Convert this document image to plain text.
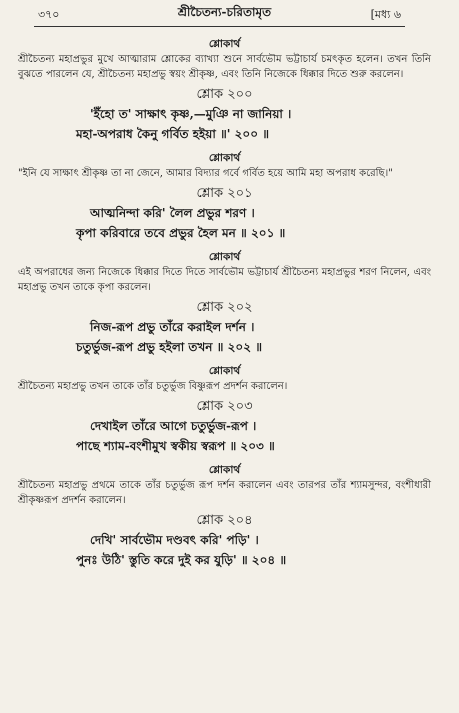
৩৭০	শ্রীচৈতন্য-চরিতামৃত	[মধ্য ৬
শ্লোকার্থ
শ্রীচৈতন্য মহাপ্রভুর মুখে আত্মারাম শ্লোকের ব্যাখ্যা শুনে সার্বভৌম ভট্টাচার্য চমৎকৃত হলেন। তখন তিনি বুঝতে পারলেন যে, শ্রীচৈতন্য মহাপ্রভু স্বয়ং শ্রীকৃষ্ণ, এবং তিনি নিজেকে ধিক্কার দিতে শুরু করলেন।
শ্লোক ২০০
'ইঁহো ত' সাক্ষাৎ কৃষ্ণ,—মুঞি না জানিয়া ।
মহা-অপরাধ কৈনু গর্বিত হইয়া ॥' ২০০ ॥
শ্লোকার্থ
"ইনি যে সাক্ষাৎ শ্রীকৃষ্ণ তা না জেনে, আমার বিদ্যার গর্বে গর্বিত হয়ে আমি মহা অপরাধ করেছি।"
শ্লোক ২০১
আত্মনিন্দা করি' লৈল প্রভুর শরণ ।
কৃপা করিবারে তবে প্রভুর হৈল মন ॥ ২০১ ॥
শ্লোকার্থ
এই অপরাধের জন্য নিজেকে ধিক্কার দিতে দিতে সার্বভৌম ভট্টাচার্য শ্রীচৈতন্য মহাপ্রভুর শরণ নিলেন, এবং মহাপ্রভু তখন তাকে কৃপা করলেন।
শ্লোক ২০২
নিজ-রূপ প্রভু তাঁরে করাইল দর্শন ।
চতুর্ভুজ-রূপ প্রভু হইলা তখন ॥ ২০২ ॥
শ্লোকার্থ
শ্রীচৈতন্য মহাপ্রভু তখন তাকে তাঁর চতুর্ভুজ বিষ্ণুরূপ প্রদর্শন করালেন।
শ্লোক ২০৩
দেখাইল তাঁরে আগে চতুর্ভুজ-রূপ ।
পাছে শ্যাম-বংশীমুখ স্বকীয় স্বরূপ ॥ ২০৩ ॥
শ্লোকার্থ
শ্রীচৈতন্য মহাপ্রভু প্রথমে তাকে তাঁর চতুর্ভুজ রূপ দর্শন করালেন এবং তারপর তাঁর শ্যামসুন্দর, বংশীধারী শ্রীকৃষ্ণরূপ প্রদর্শন করালেন।
শ্লোক ২০৪
দেখি' সার্বভৌম দণ্ডবৎ করি' পড়ি' ।
পুনঃ উঠি' স্তুতি করে দুই কর যুড়ি' ॥ ২০৪ ॥
